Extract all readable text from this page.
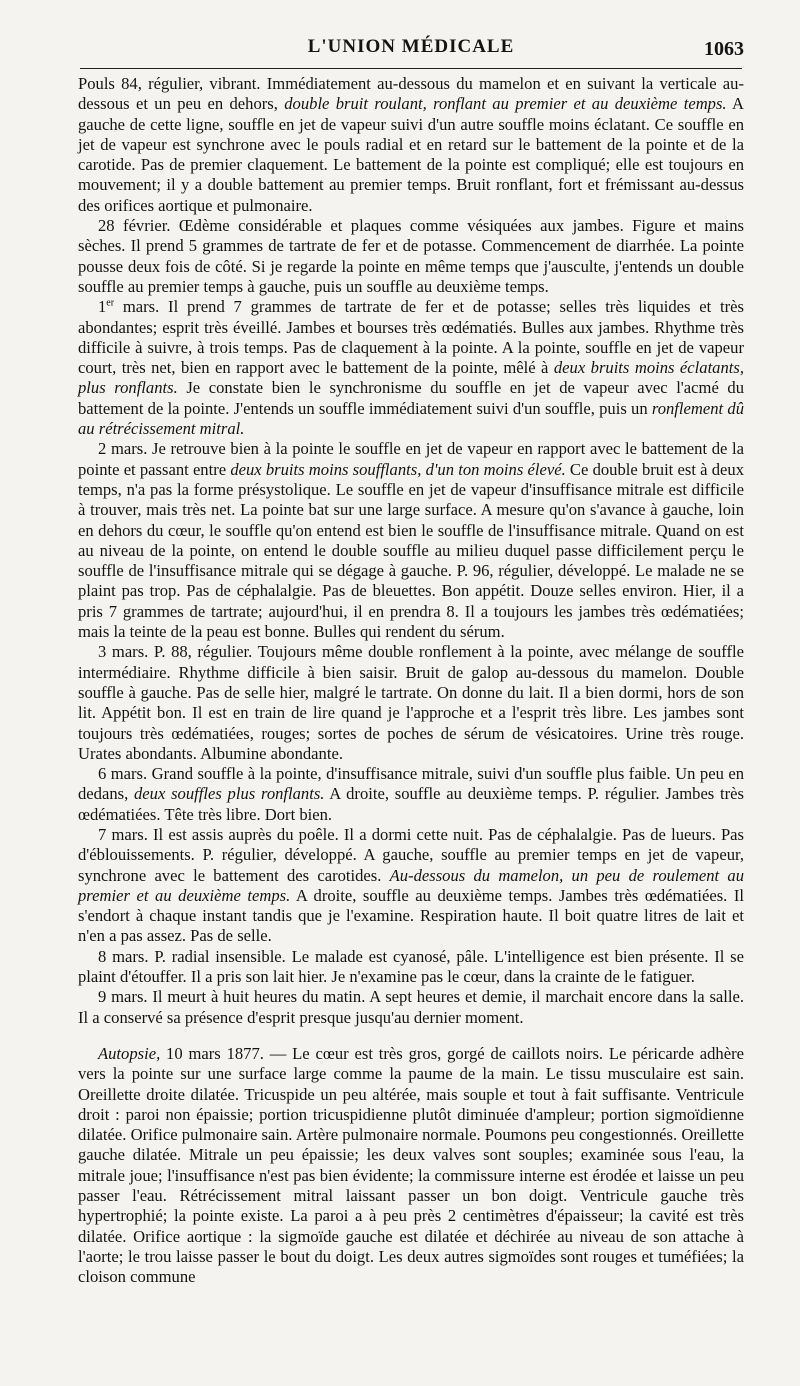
L'UNION MÉDICALE	1063

Pouls 84, régulier, vibrant. Immédiatement au-dessous du mamelon et en suivant la verticale au-dessous et un peu en dehors, double bruit roulant, ronflant au premier et au deuxième temps. A gauche de cette ligne, souffle en jet de vapeur suivi d'un autre souffle moins éclatant. Ce souffle en jet de vapeur est synchrone avec le pouls radial et en retard sur le battement de la pointe et de la carotide. Pas de premier claquement. Le battement de la pointe est compliqué; elle est toujours en mouvement; il y a double battement au premier temps. Bruit ronflant, fort et frémissant au-dessus des orifices aortique et pulmonaire.

28 février. Œdème considérable et plaques comme vésiquées aux jambes. Figure et mains sèches. Il prend 5 grammes de tartrate de fer et de potasse. Commencement de diarrhée. La pointe pousse deux fois de côté. Si je regarde la pointe en même temps que j'ausculte, j'entends un double souffle au premier temps à gauche, puis un souffle au deuxième temps.

1er mars. Il prend 7 grammes de tartrate de fer et de potasse; selles très liquides et très abondantes; esprit très éveillé. Jambes et bourses très œdématiés. Bulles aux jambes. Rhythme très difficile à suivre, à trois temps. Pas de claquement à la pointe. A la pointe, souffle en jet de vapeur court, très net, bien en rapport avec le battement de la pointe, mêlé à deux bruits moins éclatants, plus ronflants. Je constate bien le synchronisme du souffle en jet de vapeur avec l'acmé du battement de la pointe. J'entends un souffle immédiatement suivi d'un souffle, puis un ronflement dû au rétrécissement mitral.

2 mars. Je retrouve bien à la pointe le souffle en jet de vapeur en rapport avec le battement de la pointe et passant entre deux bruits moins soufflants, d'un ton moins élevé. Ce double bruit est à deux temps, n'a pas la forme présystolique. Le souffle en jet de vapeur d'insuffisance mitrale est difficile à trouver, mais très net. La pointe bat sur une large surface. A mesure qu'on s'avance à gauche, loin en dehors du cœur, le souffle qu'on entend est bien le souffle de l'insuffisance mitrale. Quand on est au niveau de la pointe, on entend le double souffle au milieu duquel passe difficilement perçu le souffle de l'insuffisance mitrale qui se dégage à gauche. P. 96, régulier, développé. Le malade ne se plaint pas trop. Pas de céphalalgie. Pas de bleuettes. Bon appétit. Douze selles environ. Hier, il a pris 7 grammes de tartrate; aujourd'hui, il en prendra 8. Il a toujours les jambes très œdématiées; mais la teinte de la peau est bonne. Bulles qui rendent du sérum.

3 mars. P. 88, régulier. Toujours même double ronflement à la pointe, avec mélange de souffle intermédiaire. Rhythme difficile à bien saisir. Bruit de galop au-dessous du mamelon. Double souffle à gauche. Pas de selle hier, malgré le tartrate. On donne du lait. Il a bien dormi, hors de son lit. Appétit bon. Il est en train de lire quand je l'approche et a l'esprit très libre. Les jambes sont toujours très œdématiées, rouges; sortes de poches de sérum de vésicatoires. Urine très rouge. Urates abondants. Albumine abondante.

6 mars. Grand souffle à la pointe, d'insuffisance mitrale, suivi d'un souffle plus faible. Un peu en dedans, deux souffles plus ronflants. A droite, souffle au deuxième temps. P. régulier. Jambes très œdématiées. Tête très libre. Dort bien.

7 mars. Il est assis auprès du poêle. Il a dormi cette nuit. Pas de céphalalgie. Pas de lueurs. Pas d'éblouissements. P. régulier, développé. A gauche, souffle au premier temps en jet de vapeur, synchrone avec le battement des carotides. Au-dessous du mamelon, un peu de roulement au premier et au deuxième temps. A droite, souffle au deuxième temps. Jambes très œdématiées. Il s'endort à chaque instant tandis que je l'examine. Respiration haute. Il boit quatre litres de lait et n'en a pas assez. Pas de selle.

8 mars. P. radial insensible. Le malade est cyanosé, pâle. L'intelligence est bien présente. Il se plaint d'étouffer. Il a pris son lait hier. Je n'examine pas le cœur, dans la crainte de le fatiguer.

9 mars. Il meurt à huit heures du matin. A sept heures et demie, il marchait encore dans la salle. Il a conservé sa présence d'esprit presque jusqu'au dernier moment.

Autopsie, 10 mars 1877. — Le cœur est très gros, gorgé de caillots noirs. Le péricarde adhère vers la pointe sur une surface large comme la paume de la main. Le tissu musculaire est sain. Oreillette droite dilatée. Tricuspide un peu altérée, mais souple et tout à fait suffisante. Ventricule droit : paroi non épaissie; portion tricuspidienne plutôt diminuée d'ampleur; portion sigmoïdienne dilatée. Orifice pulmonaire sain. Artère pulmonaire normale. Poumons peu congestionnés. Oreillette gauche dilatée. Mitrale un peu épaissie; les deux valves sont souples; examinée sous l'eau, la mitrale joue; l'insuffisance n'est pas bien évidente; la commissure interne est érodée et laisse un peu passer l'eau. Rétrécissement mitral laissant passer un bon doigt. Ventricule gauche très hypertrophié; la pointe existe. La paroi a à peu près 2 centimètres d'épaisseur; la cavité est très dilatée. Orifice aortique : la sigmoïde gauche est dilatée et déchirée au niveau de son attache à l'aorte; le trou laisse passer le bout du doigt. Les deux autres sigmoïdes sont rouges et tuméfiées; la cloison commune
